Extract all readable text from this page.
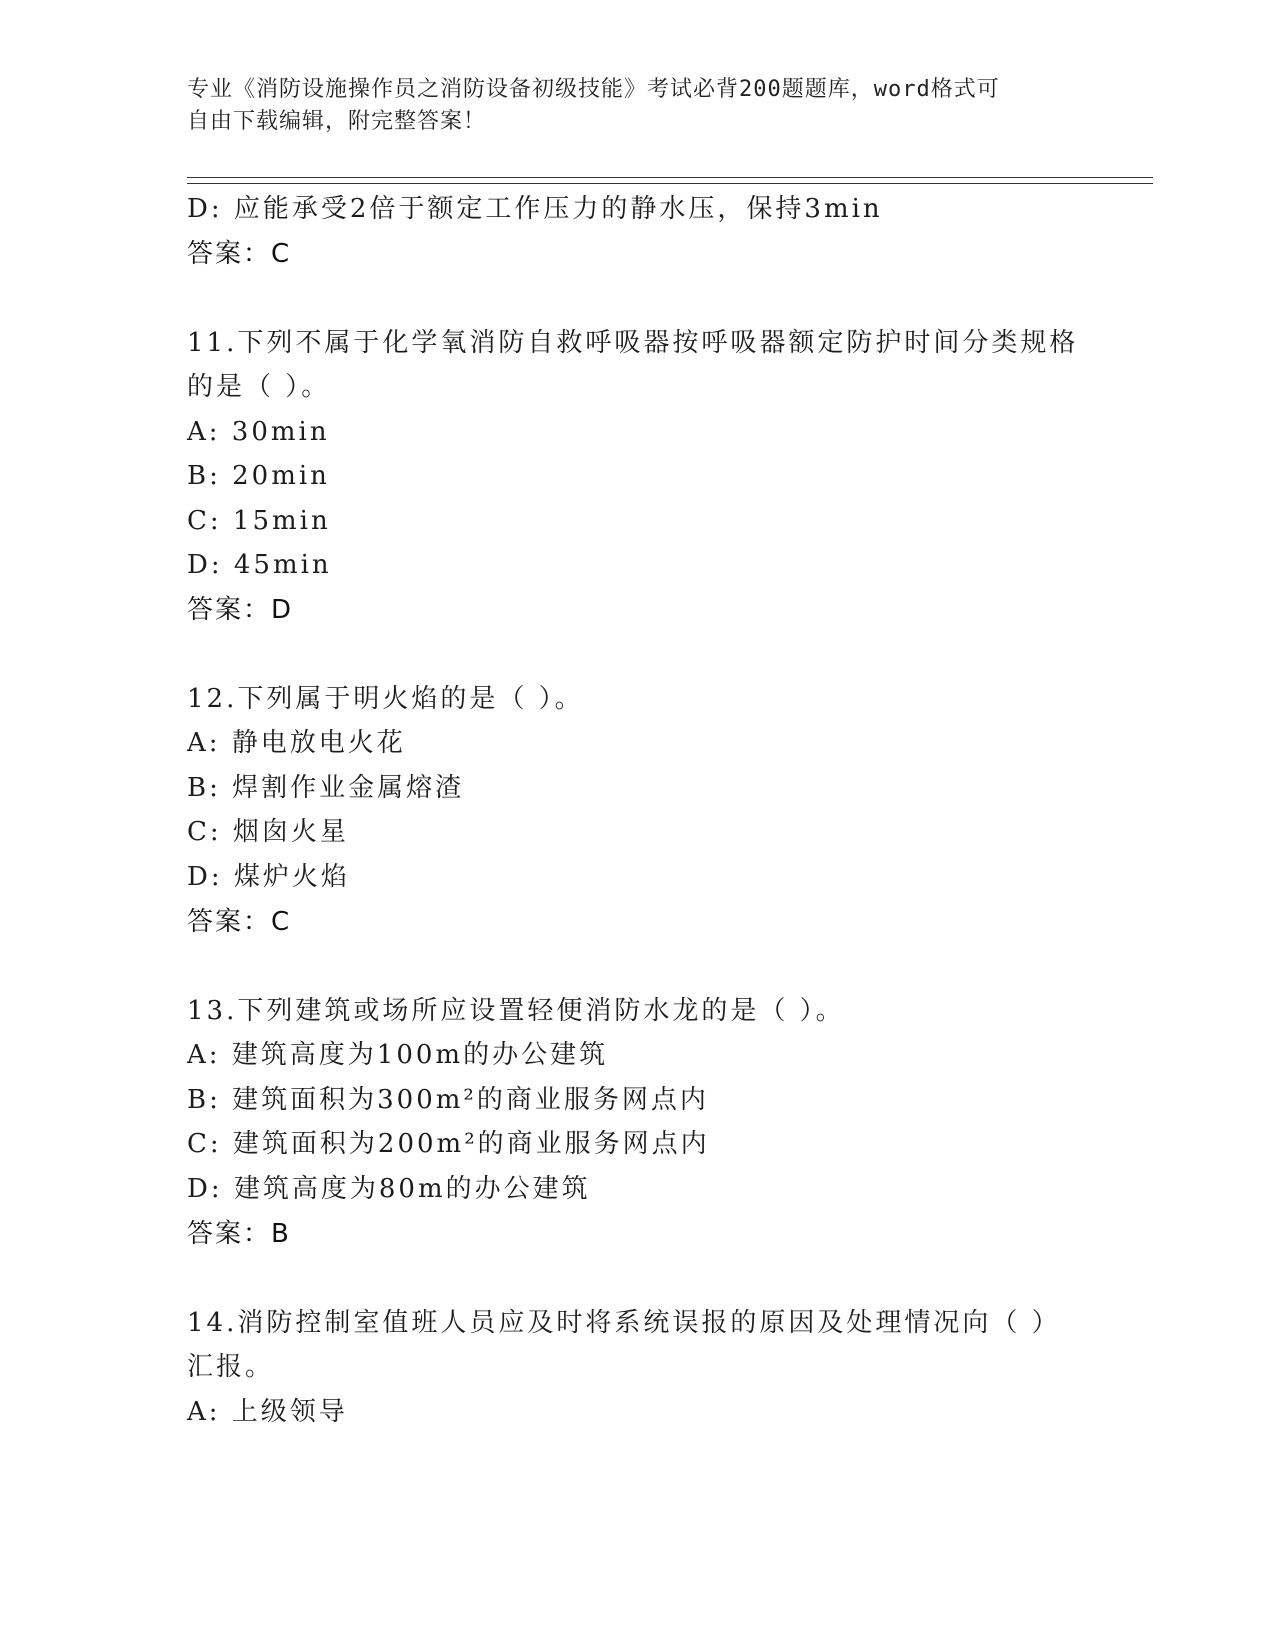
专业《消防设施操作员之消防设备初级技能》考试必背200题题库，word格式可
自由下载编辑，附完整答案！
D: 应能承受2倍于额定工作压力的静水压，保持3min
答案：C
11.下列不属于化学氧消防自救呼吸器按呼吸器额定防护时间分类规格
的是（ ）。
A: 30min
B: 20min
C: 15min
D: 45min
答案：D
12.下列属于明火焰的是（ ）。
A: 静电放电火花
B: 焊割作业金属熔渣
C: 烟囱火星
D: 煤炉火焰
答案：C
13.下列建筑或场所应设置轻便消防水龙的是（ ）。
A: 建筑高度为100m的办公建筑
B: 建筑面积为300m²的商业服务网点内
C: 建筑面积为200m²的商业服务网点内
D: 建筑高度为80m的办公建筑
答案：B
14.消防控制室值班人员应及时将系统误报的原因及处理情况向（ ）
汇报。
A: 上级领导
